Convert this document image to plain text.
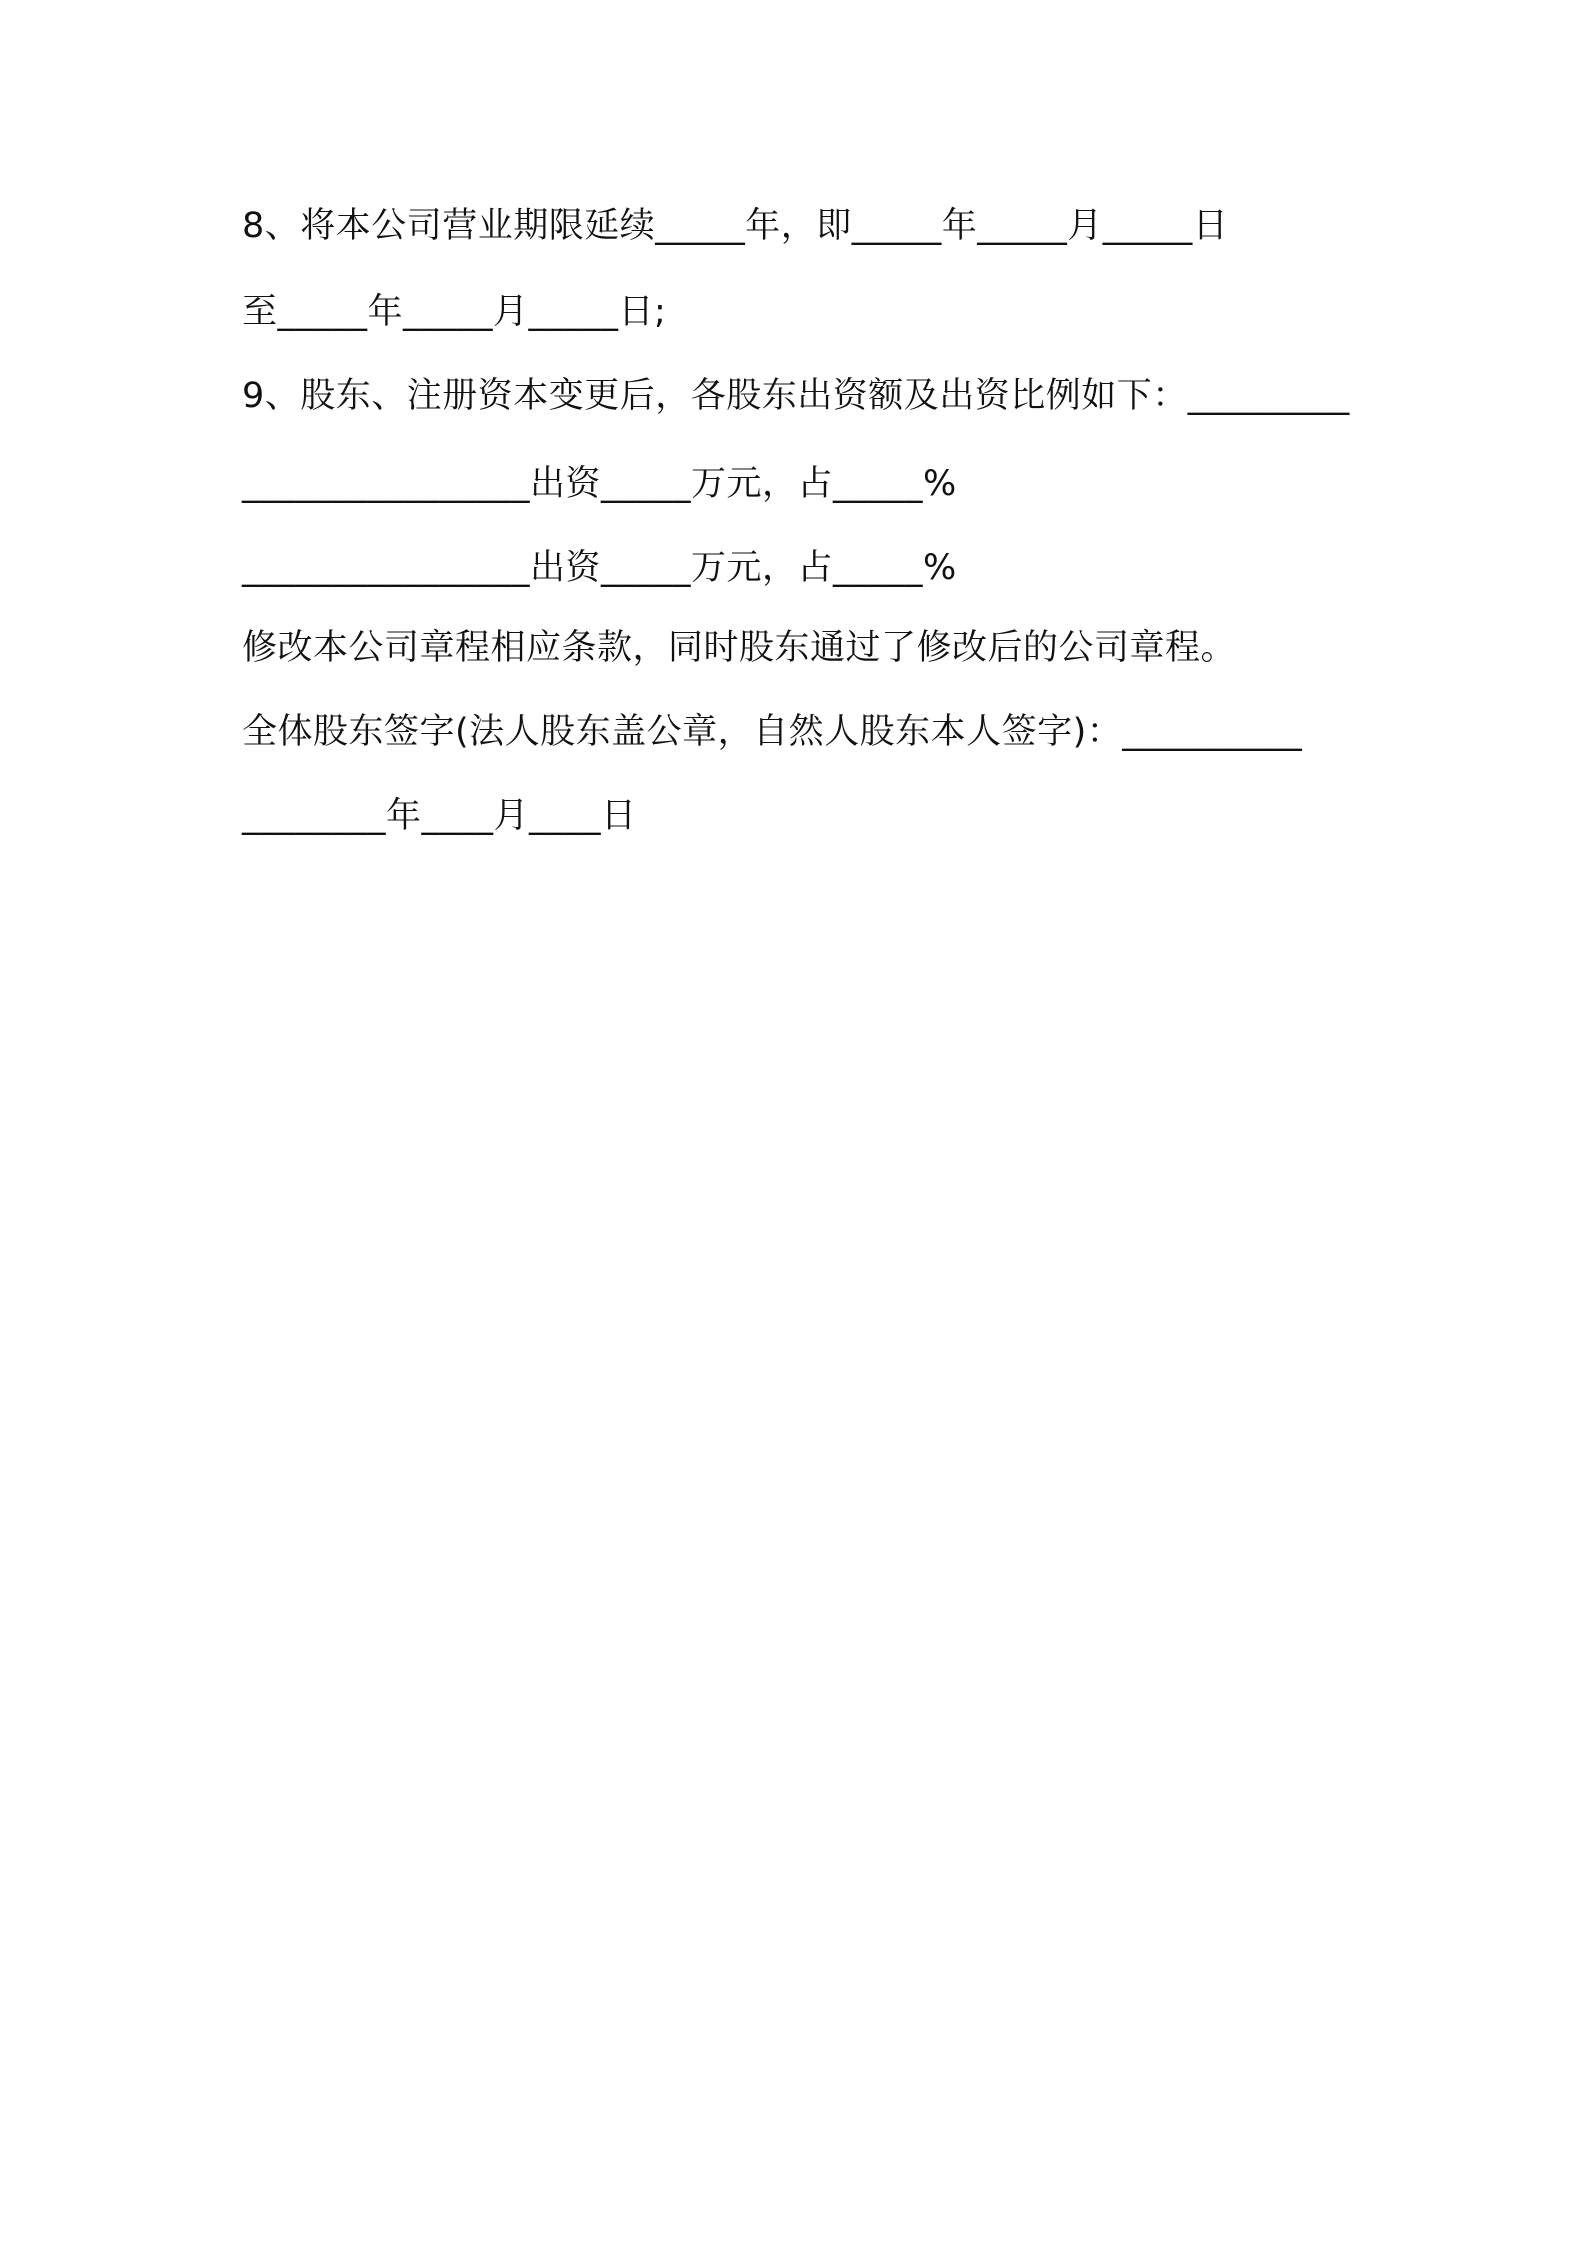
8、将本公司营业期限延续_____年，即_____年_____月_____日
至_____年_____月_____日;
9、股东、注册资本变更后，各股东出资额及出资比例如下：_________
________________出资_____万元，占_____%
________________出资_____万元，占_____%
修改本公司章程相应条款，同时股东通过了修改后的公司章程。
全体股东签字(法人股东盖公章，自然人股东本人签字)：__________
________年____月____日
